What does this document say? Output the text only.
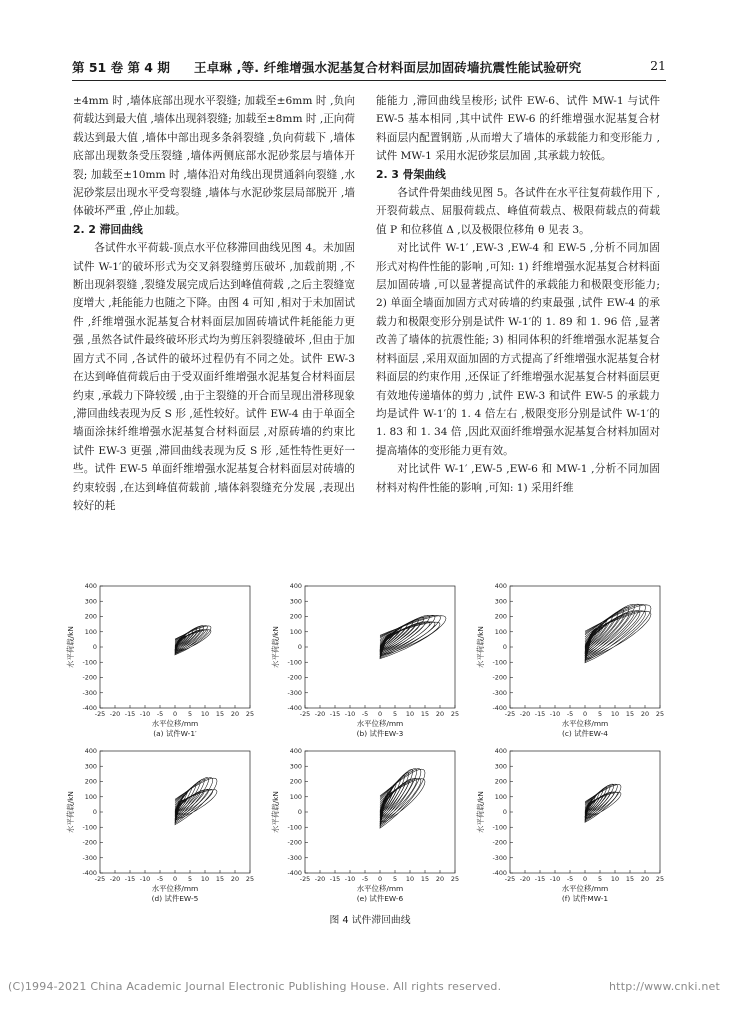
第 51 卷 第 4 期 王卓琳 ,等. 纤维增强水泥基复合材料面层加固砖墙抗震性能试验研究	21

±4mm 时 ,墙体底部出现水平裂缝; 加载至±6mm 时 ,负向荷载达到最大值 ,墙体出现斜裂缝; 加载至±8mm 时 ,正向荷载达到最大值 ,墙体中部出现多条斜裂缝 ,负向荷载下 ,墙体底部出现数条受压裂缝 ,墙体两侧底部水泥砂浆层与墙体开裂; 加载至±10mm 时 ,墙体沿对角线出现贯通斜向裂缝 ,水泥砂浆层出现水平受弯裂缝 ,墙体与水泥砂浆层局部脱开 ,墙体破坏严重 ,停止加载。

2. 2 滞回曲线

各试件水平荷载-顶点水平位移滞回曲线见图 4。未加固试件 W-1′的破坏形式为交叉斜裂缝剪压破坏 ,加载前期 ,不断出现斜裂缝 ,裂缝发展完成后达到峰值荷载 ,之后主裂缝宽度增大 ,耗能能力也随之下降。由图 4 可知 ,相对于未加固试件 ,纤维增强水泥基复合材料面层加固砖墙试件耗能能力更强 ,虽然各试件最终破坏形式均为剪压斜裂缝破坏 ,但由于加固方式不同 ,各试件的破坏过程仍有不同之处。试件 EW-3 在达到峰值荷载后由于受双面纤维增强水泥基复合材料面层约束 ,承载力下降较缓 ,由于主裂缝的开合而呈现出滑移现象 ,滞回曲线表现为反 S 形 ,延性较好。试件 EW-4 由于单面全墙面涂抹纤维增强水泥基复合材料面层 ,对原砖墙的约束比试件 EW-3 更强 ,滞回曲线表现为反 S 形 ,延性特性更好一些。试件 EW-5 单面纤维增强水泥基复合材料面层对砖墙的约束较弱 ,在达到峰值荷载前 ,墙体斜裂缝充分发展 ,表现出较好的耗

能能力 ,滞回曲线呈梭形; 试件 EW-6、试件 MW-1 与试件 EW-5 基本相同 ,其中试件 EW-6 的纤维增强水泥基复合材料面层内配置钢筋 ,从而增大了墙体的承载能力和变形能力 ,试件 MW-1 采用水泥砂浆层加固 ,其承载力较低。

2. 3 骨架曲线

各试件骨架曲线见图 5。各试件在水平往复荷载作用下 ,开裂荷载点、屈服荷载点、峰值荷载点、极限荷载点的荷载值 P 和位移值 Δ ,以及极限位移角 θ 见表 3。

对比试件 W-1′ ,EW-3 ,EW-4 和 EW-5 ,分析不同加固形式对构件性能的影响 ,可知: 1) 纤维增强水泥基复合材料面层加固砖墙 ,可以显著提高试件的承载能力和极限变形能力; 2) 单面全墙面加固方式对砖墙的约束最强 ,试件 EW-4 的承载力和极限变形分别是试件 W-1′的 1. 89 和 1. 96 倍 ,显著改善了墙体的抗震性能; 3) 相同体积的纤维增强水泥基复合材料面层 ,采用双面加固的方式提高了纤维增强水泥基复合材料面层的约束作用 ,还保证了纤维增强水泥基复合材料面层更有效地传递墙体的剪力 ,试件 EW-3 和试件 EW-5 的承载力均是试件 W-1′的 1. 4 倍左右 ,极限变形分别是试件 W-1′的 1. 83 和 1. 34 倍 ,因此双面纤维增强水泥基复合材料加固对提高墙体的变形能力更有效。

对比试件 W-1′ ,EW-5 ,EW-6 和 MW-1 ,分析不同加固材料对构件性能的影响 ,可知: 1) 采用纤维

-400
-300
-200
-100
0
100
200
300
400
-25 -20 -15 -10 -5 0 5 10 15 20 25
水平荷载/kN
水平位移/mm
(a) 试件W-1′
-400
-300
-200
-100
0
100
200
300
400
-25 -20 -15 -10 -5 0 5 10 15 20 25
水平荷载/kN
水平位移/mm
(b) 试件EW-3
-400
-300
-200
-100
0
100
200
300
400
-25 -20 -15 -10 -5 0 5 10 15 20 25
水平荷载/kN
水平位移/mm
(c) 试件EW-4
-400
-300
-200
-100
0
100
200
300
400
-25 -20 -15 -10 -5 0 5 10 15 20 25
水平荷载/kN
水平位移/mm
(d) 试件EW-5
-400
-300
-200
-100
0
100
200
300
400
-25 -20 -15 -10 -5 0 5 10 15 20 25
水平荷载/kN
水平位移/mm
(e) 试件EW-6
-400
-300
-200
-100
0
100
200
300
400
-25 -20 -15 -10 -5 0 5 10 15 20 25
水平荷载/kN
水平位移/mm
(f) 试件MW-1
图 4 试件滞回曲线
(C)1994-2021 China Academic Journal Electronic Publishing House. All rights reserved.	http://www.cnki.net
